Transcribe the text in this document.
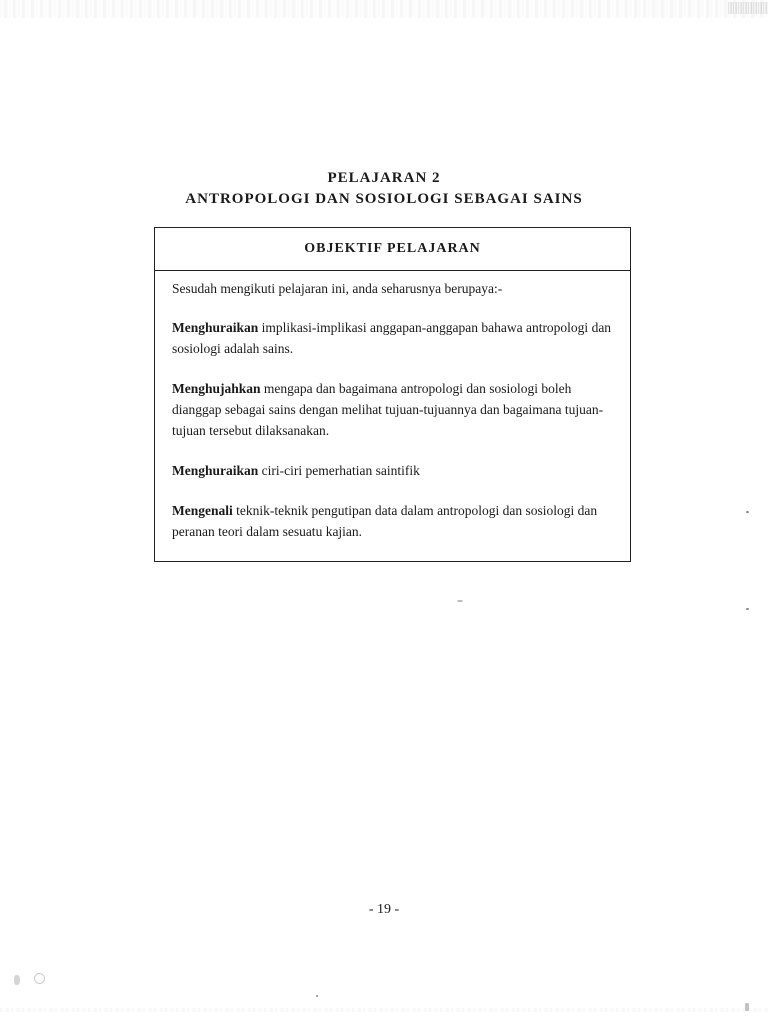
PELAJARAN 2
ANTROPOLOGI DAN SOSIOLOGI SEBAGAI SAINS
OBJEKTIF PELAJARAN

Sesudah mengikuti pelajaran ini, anda seharusnya berupaya:-

Menghuraikan implikasi-implikasi anggapan-anggapan bahawa antropologi dan sosiologi adalah sains.

Menghujahkan mengapa dan bagaimana antropologi dan sosiologi boleh dianggap sebagai sains dengan melihat tujuan-tujuannya dan bagaimana tujuan-tujuan tersebut dilaksanakan.

Menghuraikan ciri-ciri pemerhatian saintifik

Mengenali teknik-teknik pengutipan data dalam antropologi dan sosiologi dan peranan teori dalam sesuatu kajian.

- 19 -
